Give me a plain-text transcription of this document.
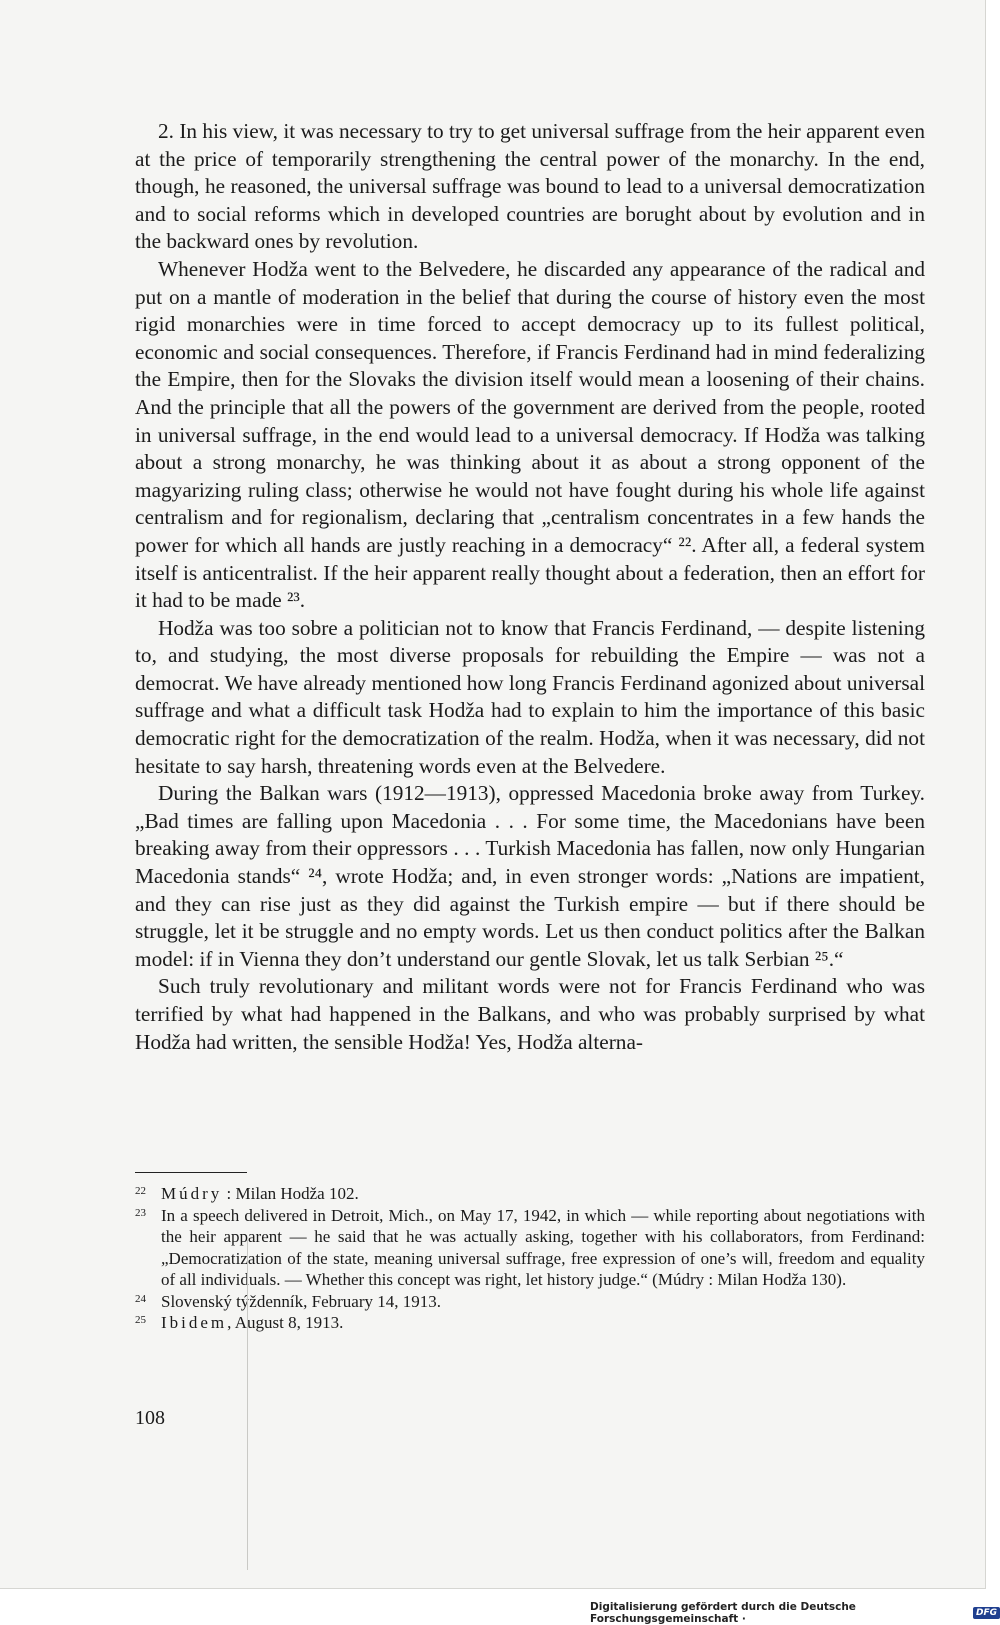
2. In his view, it was necessary to try to get universal suffrage from the heir apparent even at the price of temporarily strengthening the central power of the monarchy. In the end, though, he reasoned, the universal suffrage was bound to lead to a universal democratization and to social reforms which in developed countries are borught about by evolution and in the backward ones by revolution.

Whenever Hodža went to the Belvedere, he discarded any appearance of the radical and put on a mantle of moderation in the belief that during the course of history even the most rigid monarchies were in time forced to accept democracy up to its fullest political, economic and social consequences. Therefore, if Francis Ferdinand had in mind federalizing the Empire, then for the Slovaks the division itself would mean a loosening of their chains. And the principle that all the powers of the government are derived from the people, rooted in universal suffrage, in the end would lead to a universal democracy. If Hodža was talking about a strong monarchy, he was thinking about it as about a strong opponent of the magyarizing ruling class; otherwise he would not have fought during his whole life against centralism and for regionalism, declaring that „centralism concentrates in a few hands the power for which all hands are justly reaching in a democracy“ ²². After all, a federal system itself is anticentralist. If the heir apparent really thought about a federation, then an effort for it had to be made ²³.

Hodža was too sobre a politician not to know that Francis Ferdinand, — despite listening to, and studying, the most diverse proposals for rebuilding the Empire — was not a democrat. We have already mentioned how long Francis Ferdinand agonized about universal suffrage and what a difficult task Hodža had to explain to him the importance of this basic democratic right for the democratization of the realm. Hodža, when it was necessary, did not hesitate to say harsh, threatening words even at the Belvedere.

During the Balkan wars (1912—1913), oppressed Macedonia broke away from Turkey. „Bad times are falling upon Macedonia . . . For some time, the Macedonians have been breaking away from their oppressors . . . Turkish Macedonia has fallen, now only Hungarian Macedonia stands“ ²⁴, wrote Hodža; and, in even stronger words: „Nations are impatient, and they can rise just as they did against the Turkish empire — but if there should be struggle, let it be struggle and no empty words. Let us then conduct politics after the Balkan model: if in Vienna they don’t understand our gentle Slovak, let us talk Serbian ²⁵.“

Such truly revolutionary and militant words were not for Francis Ferdinand who was terrified by what had happened in the Balkans, and who was probably surprised by what Hodža had written, the sensible Hodža! Yes, Hodža alterna-

22 Múdry : Milan Hodža 102.
23 In a speech delivered in Detroit, Mich., on May 17, 1942, in which — while reporting about negotiations with the heir apparent — he said that he was actually asking, together with his collaborators, from Ferdinand: „Democratization of the state, meaning universal suffrage, free expression of one’s will, freedom and equality of all individuals. — Whether this concept was right, let history judge.“ (Múdry : Milan Hodža 130).
24 Slovenský týždenník, February 14, 1913.
25 Ibidem, August 8, 1913.
108
Digitalisierung gefördert durch die Deutsche Forschungsgemeinschaft ·	DFG
